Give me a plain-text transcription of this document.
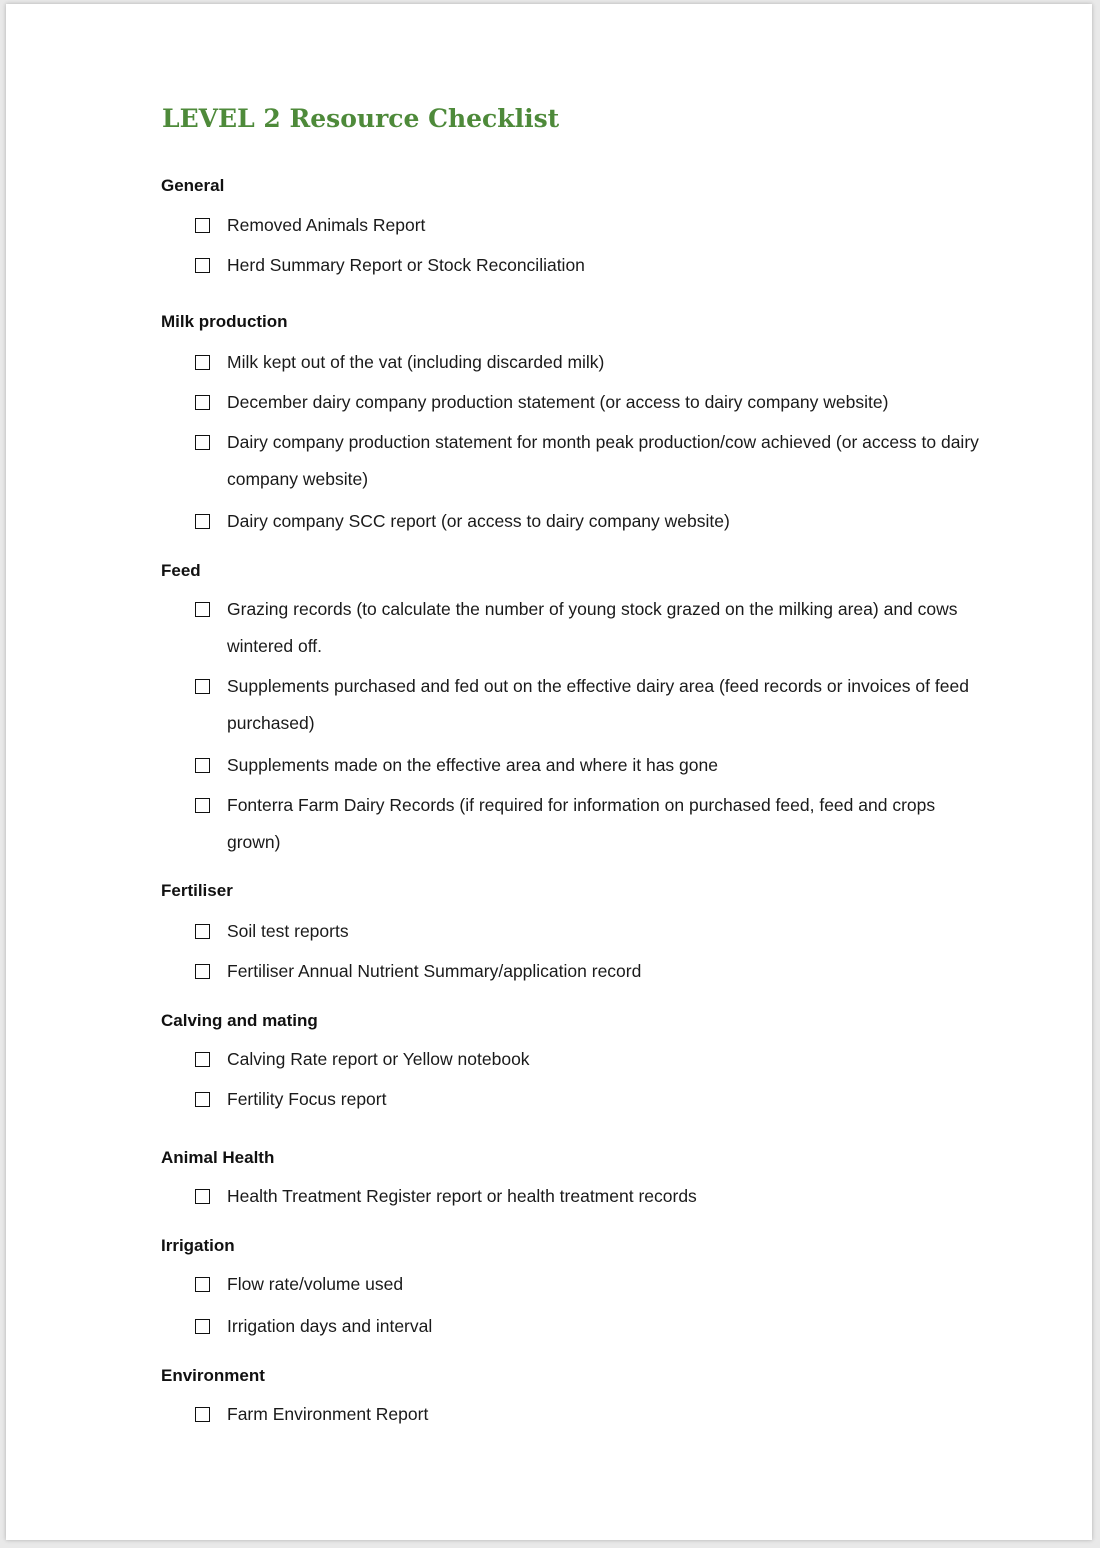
LEVEL 2 Resource Checklist
General
Removed Animals Report
Herd Summary Report or Stock Reconciliation
Milk production
Milk kept out of the vat (including discarded milk)
December dairy company production statement (or access to dairy company website)
Dairy company production statement for month peak production/cow achieved (or access to dairy company website)
Dairy company SCC report (or access to dairy company website)
Feed
Grazing records (to calculate the number of young stock grazed on the milking area) and cows wintered off.
Supplements purchased and fed out on the effective dairy area (feed records or invoices of feed purchased)
Supplements made on the effective area and where it has gone
Fonterra Farm Dairy Records (if required for information on purchased feed, feed and crops grown)
Fertiliser
Soil test reports
Fertiliser Annual Nutrient Summary/application record
Calving and mating
Calving Rate report or Yellow notebook
Fertility Focus report
Animal Health
Health Treatment Register report or health treatment records
Irrigation
Flow rate/volume used
Irrigation days and interval
Environment
Farm Environment Report
